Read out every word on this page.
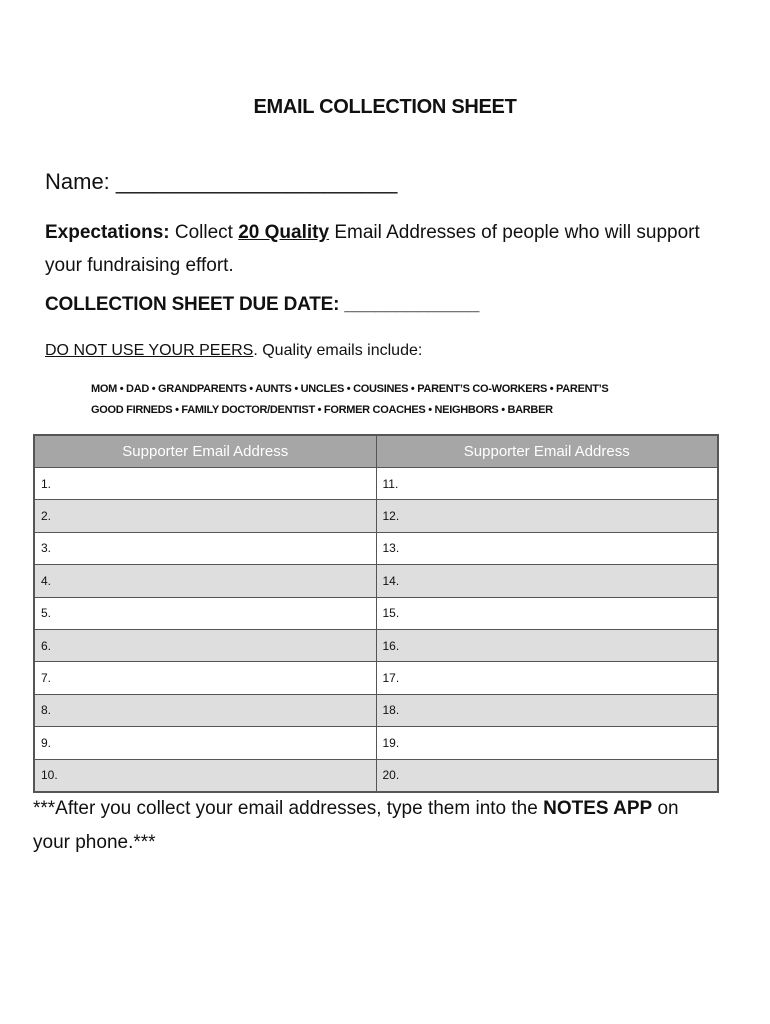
EMAIL COLLECTION SHEET
Name: _______________________
Expectations: Collect 20 Quality Email Addresses of people who will support your fundraising effort.
COLLECTION SHEET DUE DATE: _____________
DO NOT USE YOUR PEERS. Quality emails include:
MOM • DAD • GRANDPARENTS • AUNTS • UNCLES • COUSINES • PARENT’S CO-WORKERS • PARENT’S
GOOD FIRNEDS • FAMILY DOCTOR/DENTIST • FORMER COACHES • NEIGHBORS • BARBER
Supporter Email Address	Supporter Email Address
1.	11.
2.	12.
3.	13.
4.	14.
5.	15.
6.	16.
7.	17.
8.	18.
9.	19.
10.	20.
***After you collect your email addresses, type them into the NOTES APP on your phone.***
